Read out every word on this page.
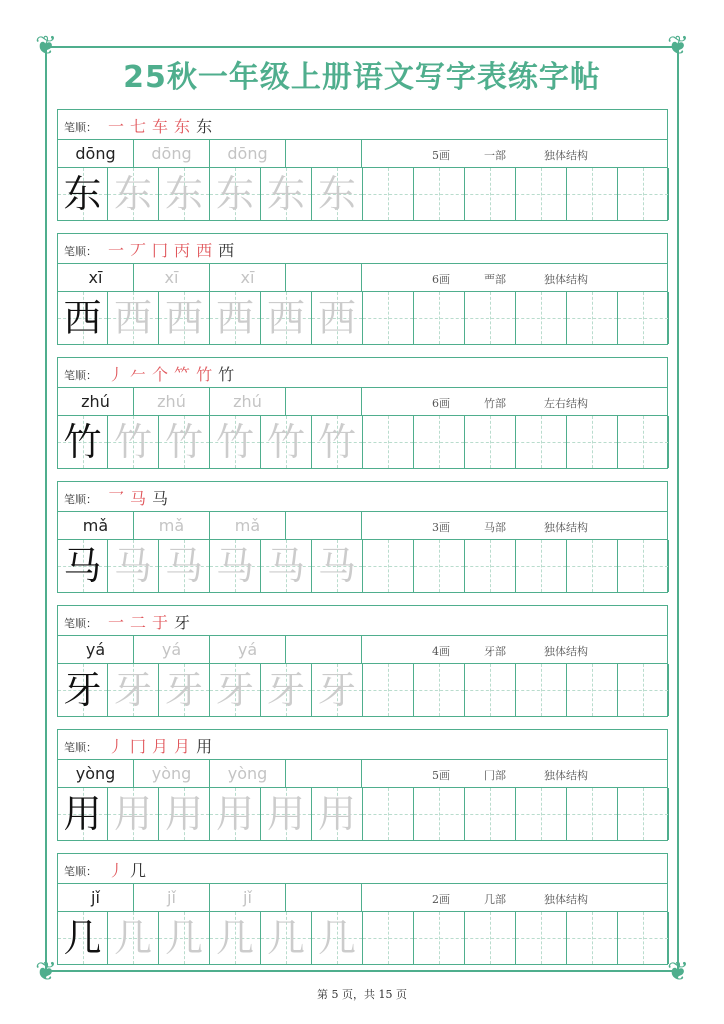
❦	❦
❦	❦
25秋一年级上册语文写字表练字帖
笔顺： 一 七 车 东 东
dōng	dōng	dōng	5画	一部	独体结构
东 东 东 东 东 东
笔顺： 一 丆 冂 丙 西 西
xī	xī	xī	6画	覀部	独体结构
西 西 西 西 西 西
笔顺： 丿 𠂉 个 𥫗 竹 竹
zhú	zhú	zhú	6画	竹部	左右结构
竹 竹 竹 竹 竹 竹
笔顺： 乛 马 马
mǎ	mǎ	mǎ	3画	马部	独体结构
马 马 马 马 马 马
笔顺： 一 二 于 牙
yá	yá	yá	4画	牙部	独体结构
牙 牙 牙 牙 牙 牙
笔顺： 丿 冂 月 月 用
yòng	yòng	yòng	5画	冂部	独体结构
用 用 用 用 用 用
笔顺： 丿 几
jǐ	jǐ	jǐ	2画	几部	独体结构
几 几 几 几 几 几
第 5 页，共 15 页
